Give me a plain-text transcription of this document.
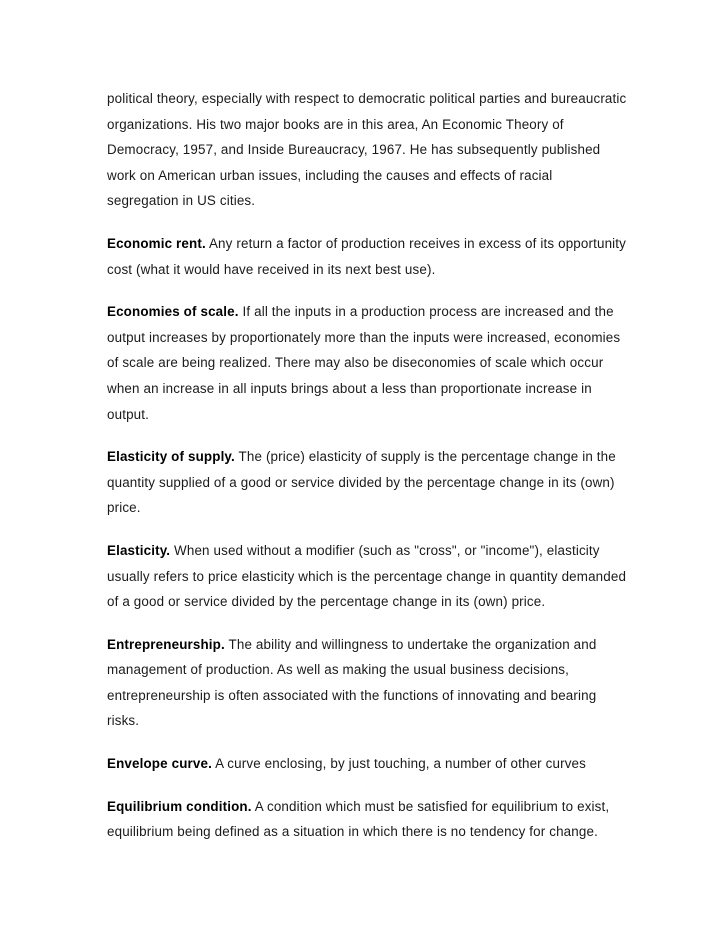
political theory, especially with respect to democratic political parties and bureaucratic organizations. His two major books are in this area, An Economic Theory of Democracy, 1957, and Inside Bureaucracy, 1967. He has subsequently published work on American urban issues, including the causes and effects of racial segregation in US cities.

Economic rent. Any return a factor of production receives in excess of its opportunity cost (what it would have received in its next best use).

Economies of scale. If all the inputs in a production process are increased and the output increases by proportionately more than the inputs were increased, economies of scale are being realized. There may also be diseconomies of scale which occur when an increase in all inputs brings about a less than proportionate increase in output.

Elasticity of supply. The (price) elasticity of supply is the percentage change in the quantity supplied of a good or service divided by the percentage change in its (own) price.

Elasticity. When used without a modifier (such as "cross", or "income"), elasticity usually refers to price elasticity which is the percentage change in quantity demanded of a good or service divided by the percentage change in its (own) price.

Entrepreneurship. The ability and willingness to undertake the organization and management of production. As well as making the usual business decisions, entrepreneurship is often associated with the functions of innovating and bearing risks.

Envelope curve. A curve enclosing, by just touching, a number of other curves

Equilibrium condition. A condition which must be satisfied for equilibrium to exist, equilibrium being defined as a situation in which there is no tendency for change.
